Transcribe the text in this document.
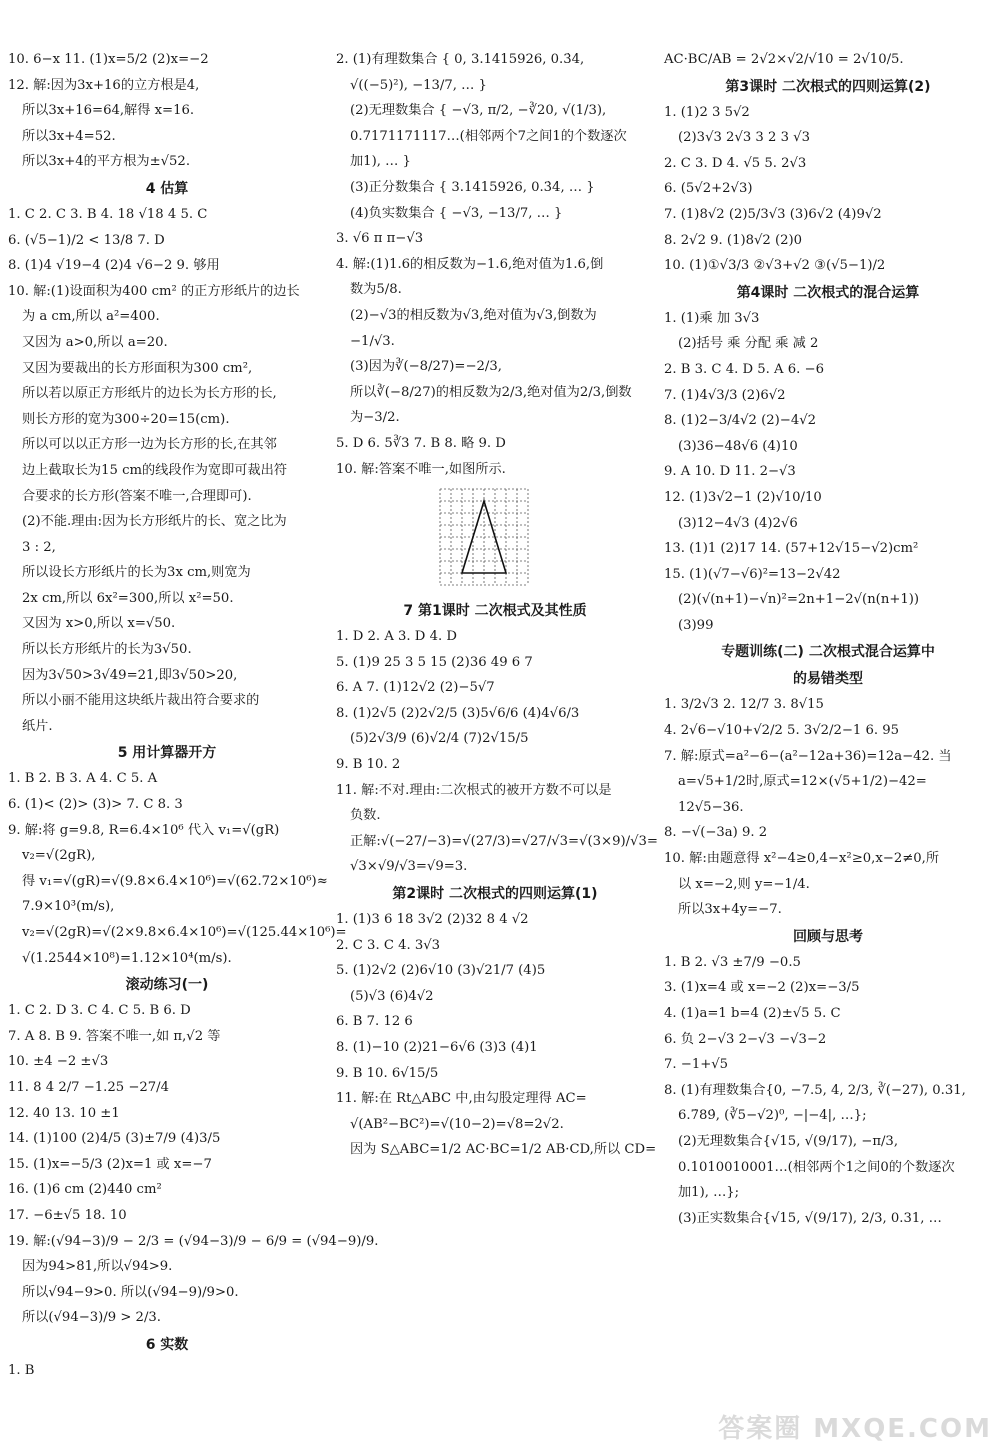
10. 6−x 11. (1)x=5/2 (2)x=−2
12. 解:因为3x+16的立方根是4,
所以3x+16=64,解得 x=16.
所以3x+4=52.
所以3x+4的平方根为±√52.
4 估算
1. C 2. C 3. B 4. 18 √18 4 5. C
6. (√5−1)/2 < 13/8 7. D
8. (1)4 √19−4 (2)4 √6−2 9. 够用
10. 解:(1)设面积为400 cm² 的正方形纸片的边长
为 a cm,所以 a²=400.
又因为 a>0,所以 a=20.
又因为要裁出的长方形面积为300 cm²,
所以若以原正方形纸片的边长为长方形的长,
则长方形的宽为300÷20=15(cm).
所以可以以正方形一边为长方形的长,在其邻
边上截取长为15 cm的线段作为宽即可裁出符
合要求的长方形(答案不唯一,合理即可).
(2)不能.理由:因为长方形纸片的长、宽之比为
3 : 2,
所以设长方形纸片的长为3x cm,则宽为
2x cm,所以 6x²=300,所以 x²=50.
又因为 x>0,所以 x=√50.
所以长方形纸片的长为3√50.
因为3√50>3√49=21,即3√50>20,
所以小丽不能用这块纸片裁出符合要求的
纸片.
5 用计算器开方
1. B 2. B 3. A 4. C 5. A
6. (1)< (2)> (3)> 7. C 8. 3
9. 解:将 g=9.8, R=6.4×10⁶ 代入 v₁=√(gR)
v₂=√(2gR),
得 v₁=√(gR)=√(9.8×6.4×10⁶)=√(62.72×10⁶)≈
7.9×10³(m/s),
v₂=√(2gR)=√(2×9.8×6.4×10⁶)=√(125.44×10⁶)=
√(1.2544×10⁸)=1.12×10⁴(m/s).
滚动练习(一)
1. C 2. D 3. C 4. C 5. B 6. D
7. A 8. B 9. 答案不唯一,如 π,√2 等
10. ±4 −2 ±√3
11. 8 4 2/7 −1.25 −27/4
12. 40 13. 10 ±1
14. (1)100 (2)4/5 (3)±7/9 (4)3/5
15. (1)x=−5/3 (2)x=1 或 x=−7
16. (1)6 cm (2)440 cm²
17. −6±√5 18. 10
19. 解:(√94−3)/9 − 2/3 = (√94−3)/9 − 6/9 = (√94−9)/9.
因为94>81,所以√94>9.
所以√94−9>0. 所以(√94−9)/9>0.
所以(√94−3)/9 > 2/3.
6 实数
1. B
2. (1)有理数集合 { 0, 3.1415926, 0.3̇4̇,
√((−5)²), −13/7, … }
(2)无理数集合 { −√3, π/2, −∛20, √(1/3),
0.7171171117…(相邻两个7之间1的个数逐次
加1), … }
(3)正分数集合 { 3.1415926, 0.3̇4̇, … }
(4)负实数集合 { −√3, −13/7, … }
3. √6 π π−√3
4. 解:(1)1.6的相反数为−1.6,绝对值为1.6,倒
数为5/8.
(2)−√3的相反数为√3,绝对值为√3,倒数为
−1/√3.
(3)因为∛(−8/27)=−2/3,
所以∛(−8/27)的相反数为2/3,绝对值为2/3,倒数
为−3/2.
5. D 6. 5∛3 7. B 8. 略 9. D
10. 解:答案不唯一,如图所示.
7 第1课时 二次根式及其性质
1. D 2. A 3. D 4. D
5. (1)9 25 3 5 15 (2)36 49 6 7
6. A 7. (1)12√2 (2)−5√7
8. (1)2√5 (2)2√2/5 (3)5√6/6 (4)4√6/3
(5)2√3/9 (6)√2/4 (7)2√15/5
9. B 10. 2
11. 解:不对.理由:二次根式的被开方数不可以是
负数.
正解:√(−27/−3)=√(27/3)=√27/√3=√(3×9)/√3=
√3×√9/√3=√9=3.
第2课时 二次根式的四则运算(1)
1. (1)3 6 18 3√2 (2)32 8 4 √2
2. C 3. C 4. 3√3
5. (1)2√2 (2)6√10 (3)√21/7 (4)5
(5)√3 (6)4√2
6. B 7. 12 6
8. (1)−10 (2)21−6√6 (3)3 (4)1
9. B 10. 6√15/5
11. 解:在 Rt△ABC 中,由勾股定理得 AC=
√(AB²−BC²)=√(10−2)=√8=2√2.
因为 S△ABC=1/2 AC·BC=1/2 AB·CD,所以 CD=
AC·BC/AB = 2√2×√2/√10 = 2√10/5.
第3课时 二次根式的四则运算(2)
1. (1)2 3 5√2
(2)3√3 2√3 3 2 3 √3
2. C 3. D 4. √5 5. 2√3
6. (5√2+2√3)
7. (1)8√2 (2)5/3√3 (3)6√2 (4)9√2
8. 2√2 9. (1)8√2 (2)0
10. (1)①√3/3 ②√3+√2 ③(√5−1)/2
第4课时 二次根式的混合运算
1. (1)乘 加 3√3
(2)括号 乘 分配 乘 减 2
2. B 3. C 4. D 5. A 6. −6
7. (1)4√3/3 (2)6√2
8. (1)2−3/4√2 (2)−4√2
(3)36−48√6 (4)10
9. A 10. D 11. 2−√3
12. (1)3√2−1 (2)√10/10
(3)12−4√3 (4)2√6
13. (1)1 (2)17 14. (57+12√15−√2)cm²
15. (1)(√7−√6)²=13−2√42
(2)(√(n+1)−√n)²=2n+1−2√(n(n+1))
(3)99
专题训练(二) 二次根式混合运算中
的易错类型
1. 3/2√3 2. 12/7 3. 8√15
4. 2√6−√10+√2/2 5. 3√2/2−1 6. 95
7. 解:原式=a²−6−(a²−12a+36)=12a−42. 当
a=√5+1/2时,原式=12×(√5+1/2)−42=
12√5−36.
8. −√(−3a) 9. 2
10. 解:由题意得 x²−4≥0,4−x²≥0,x−2≠0,所
以 x=−2,则 y=−1/4.
所以3x+4y=−7.
回顾与思考
1. B 2. √3 ±7/9 −0.5
3. (1)x=4 或 x=−2 (2)x=−3/5
4. (1)a=1 b=4 (2)±√5 5. C
6. 负 2−√3 2−√3 −√3−2
7. −1+√5
8. (1)有理数集合{0, −7.5, 4, 2/3, ∛(−27), 0.31,
6.7̇89̇, (∛5−√2)⁰, −|−4|, …};
(2)无理数集合{√15, √(9/17), −π/3,
0.1010010001…(相邻两个1之间0的个数逐次
加1), …};
(3)正实数集合{√15, √(9/17), 2/3, 0.31, …
答案圈 MXQE.COM
